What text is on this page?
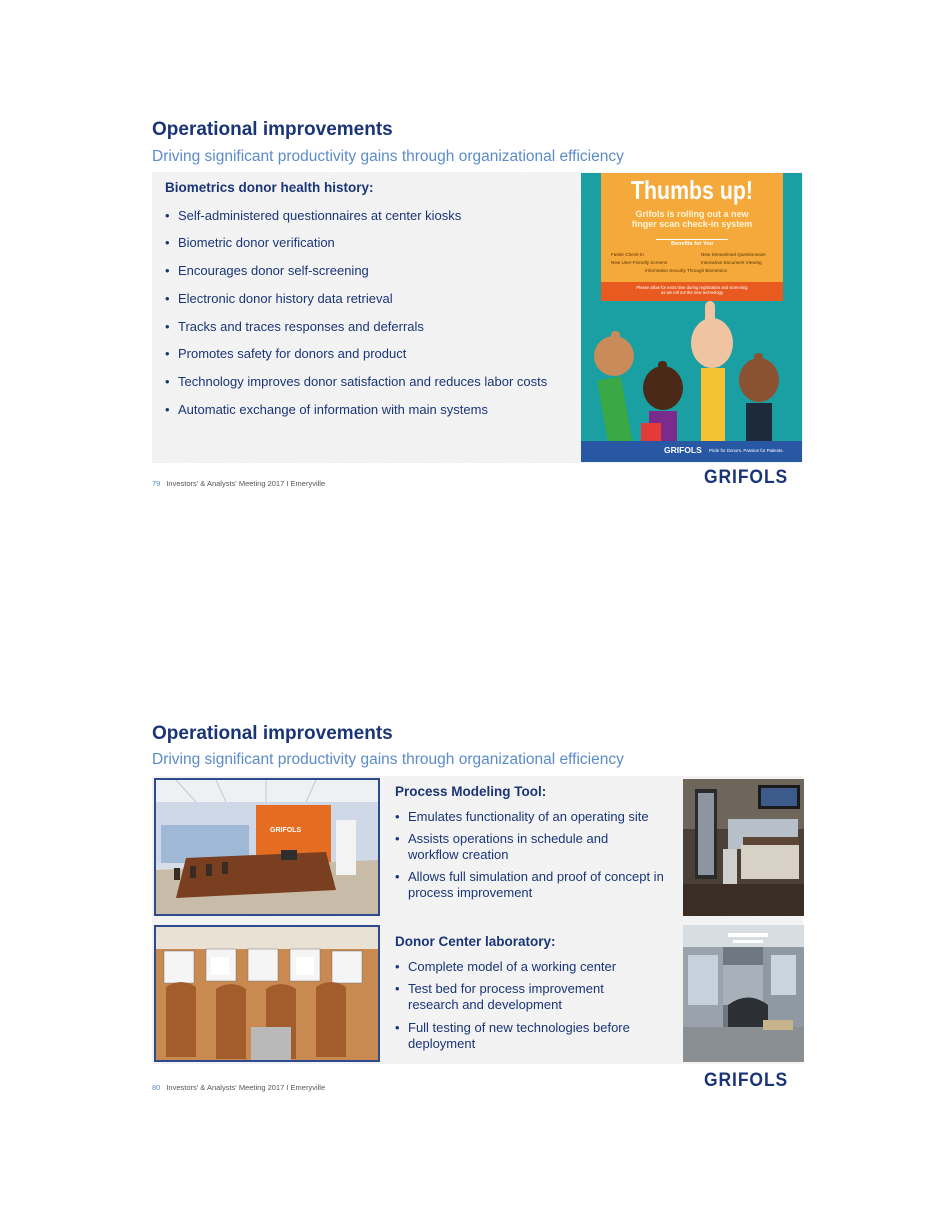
Operational improvements
Driving significant productivity gains through organizational efficiency
Biometrics donor health history:
• Self-administered questionnaires at center kiosks
• Biometric donor verification
• Encourages donor self-screening
• Electronic donor history data retrieval
• Tracks and traces responses and deferrals
• Promotes safety for donors and product
• Technology improves donor satisfaction and reduces labor costs
• Automatic exchange of information with main systems
Thumbs up!
Grifols is rolling out a new
finger scan check-in system
Benefits for You
Faster Check-In	New Streamlined Questionnaire
New User-Friendly Screens	Interactive Document Viewing
Information Security Through Biometrics
Please allow for extra time during registration and screening
as we roll out the new technology
GRIFOLS Pride for Donors. Passion for Patients.
79 Investors' & Analysts' Meeting 2017 I Emeryville	GRIFOLS
Operational improvements
Driving significant productivity gains through organizational efficiency
GRIFOLS
Process Modeling Tool:
• Emulates functionality of an operating site
• Assists operations in schedule and workflow creation
• Allows full simulation and proof of concept in process improvement
Donor Center laboratory:
• Complete model of a working center
• Test bed for process improvement research and development
• Full testing of new technologies before deployment
80 Investors' & Analysts' Meeting 2017 I Emeryville	GRIFOLS
